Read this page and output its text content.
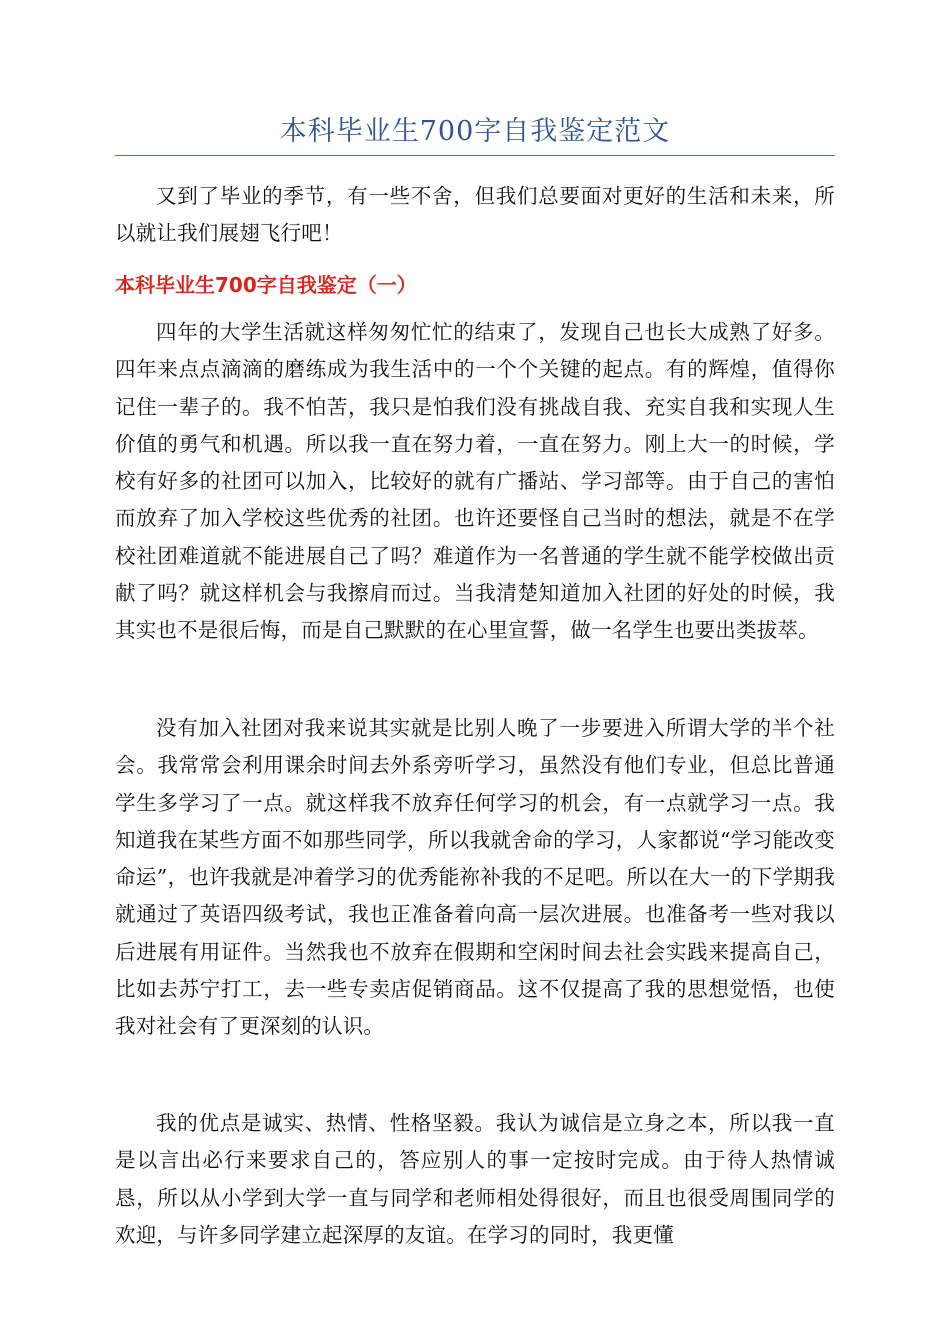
本科毕业生700字自我鉴定范文

又到了毕业的季节，有一些不舍，但我们总要面对更好的生活和未来，所以就让我们展翅飞行吧！

本科毕业生700字自我鉴定（一）

四年的大学生活就这样匆匆忙忙的结束了，发现自己也长大成熟了好多。四年来点点滴滴的磨练成为我生活中的一个个关键的起点。有的辉煌，值得你记住一辈子的。我不怕苦，我只是怕我们没有挑战自我、充实自我和实现人生价值的勇气和机遇。所以我一直在努力着，一直在努力。刚上大一的时候，学校有好多的社团可以加入，比较好的就有广播站、学习部等。由于自己的害怕而放弃了加入学校这些优秀的社团。也许还要怪自己当时的想法，就是不在学校社团难道就不能进展自己了吗？难道作为一名普通的学生就不能学校做出贡献了吗？就这样机会与我擦肩而过。当我清楚知道加入社团的好处的时候，我其实也不是很后悔，而是自己默默的在心里宣誓，做一名学生也要出类拔萃。

没有加入社团对我来说其实就是比别人晚了一步要进入所谓大学的半个社会。我常常会利用课余时间去外系旁听学习，虽然没有他们专业，但总比普通学生多学习了一点。就这样我不放弃任何学习的机会，有一点就学习一点。我知道我在某些方面不如那些同学，所以我就舍命的学习，人家都说“学习能改变命运”，也许我就是冲着学习的优秀能祢补我的不足吧。所以在大一的下学期我就通过了英语四级考试，我也正准备着向高一层次进展。也准备考一些对我以后进展有用证件。当然我也不放弃在假期和空闲时间去社会实践来提高自己，比如去苏宁打工，去一些专卖店促销商品。这不仅提高了我的思想觉悟，也使我对社会有了更深刻的认识。

我的优点是诚实、热情、性格坚毅。我认为诚信是立身之本，所以我一直是以言出必行来要求自己的，答应别人的事一定按时完成。由于待人热情诚恳，所以从小学到大学一直与同学和老师相处得很好，而且也很受周围同学的欢迎，与许多同学建立起深厚的友谊。在学习的同时，我更懂
